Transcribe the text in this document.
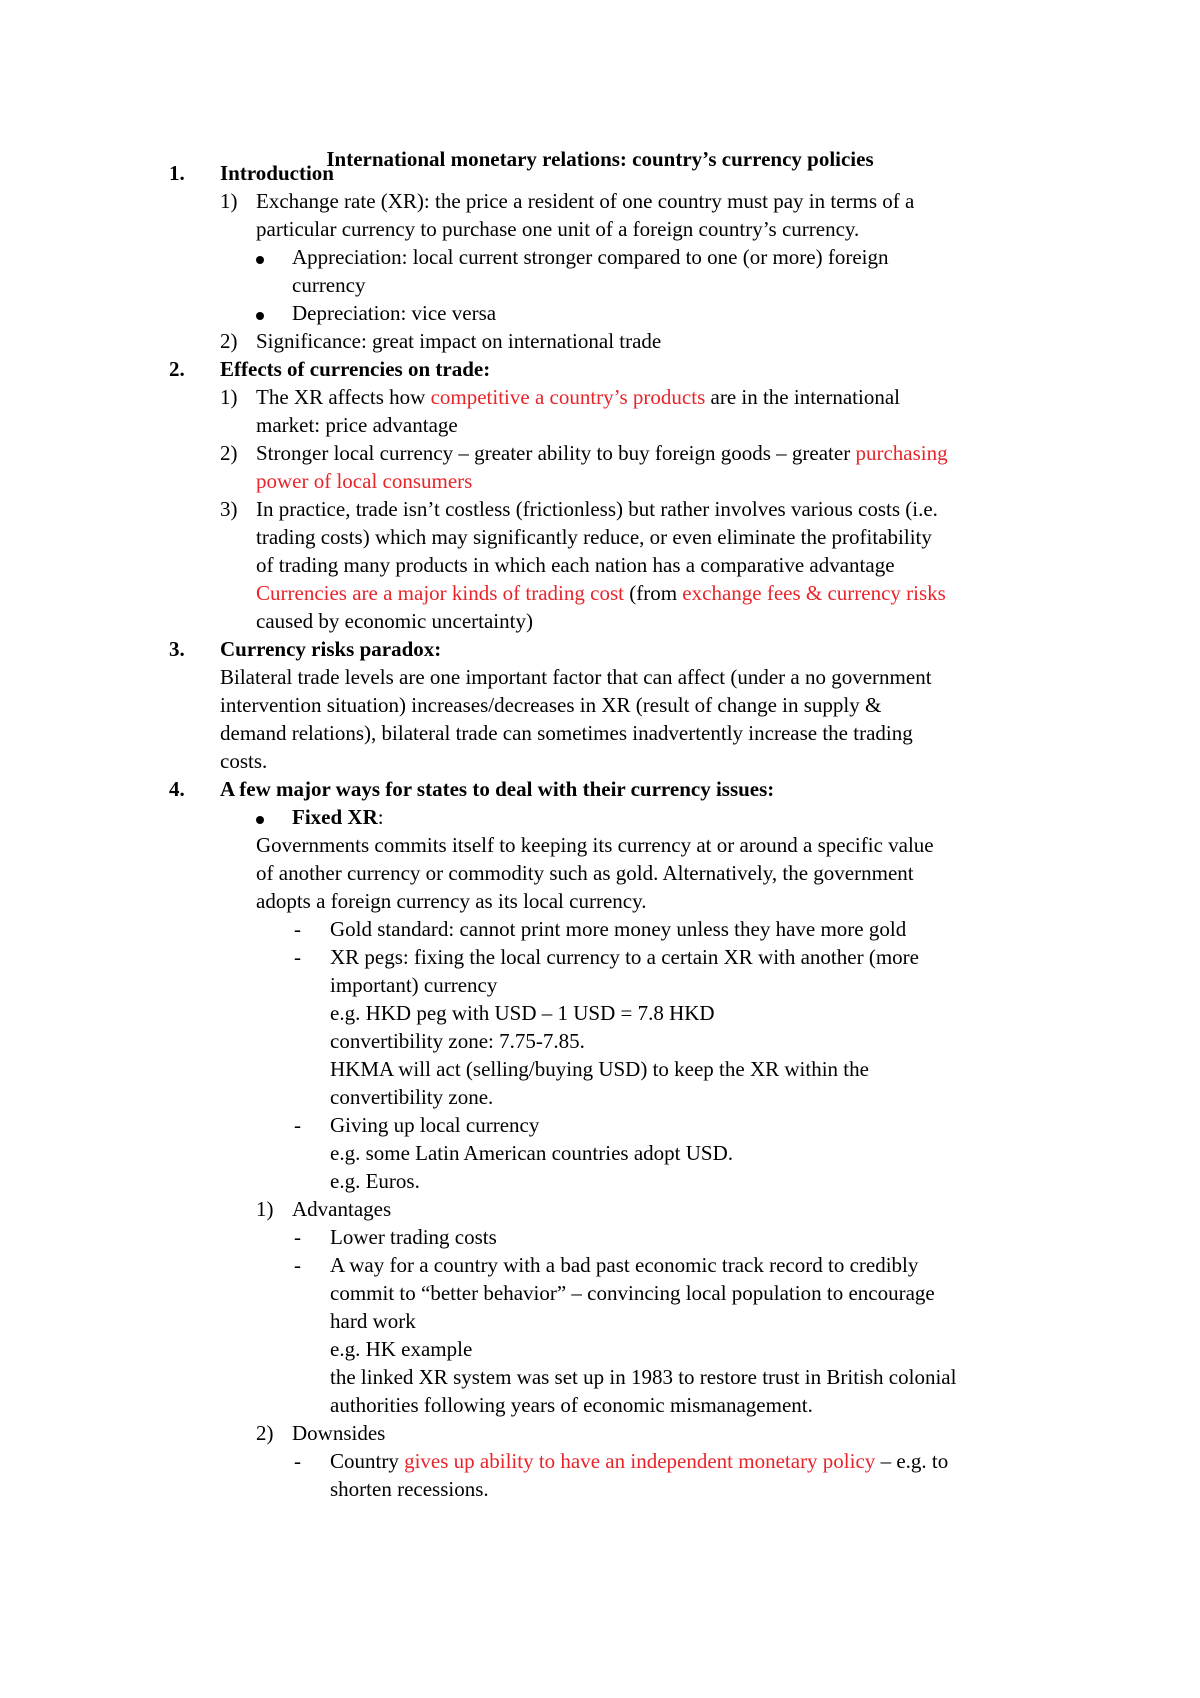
International monetary relations: country’s currency policies
1. Introduction
1) Exchange rate (XR): the price a resident of one country must pay in terms of a
particular currency to purchase one unit of a foreign country’s currency.
Appreciation: local current stronger compared to one (or more) foreign
currency
Depreciation: vice versa
2) Significance: great impact on international trade
2. Effects of currencies on trade:
1) The XR affects how competitive a country’s products are in the international
market: price advantage
2) Stronger local currency – greater ability to buy foreign goods – greater purchasing
power of local consumers
3) In practice, trade isn’t costless (frictionless) but rather involves various costs (i.e.
trading costs) which may significantly reduce, or even eliminate the profitability
of trading many products in which each nation has a comparative advantage
Currencies are a major kinds of trading cost (from exchange fees & currency risks
caused by economic uncertainty)
3. Currency risks paradox:
Bilateral trade levels are one important factor that can affect (under a no government
intervention situation) increases/decreases in XR (result of change in supply &
demand relations), bilateral trade can sometimes inadvertently increase the trading
costs.
4. A few major ways for states to deal with their currency issues:
Fixed XR:
Governments commits itself to keeping its currency at or around a specific value
of another currency or commodity such as gold. Alternatively, the government
adopts a foreign currency as its local currency.
- Gold standard: cannot print more money unless they have more gold
- XR pegs: fixing the local currency to a certain XR with another (more
important) currency
e.g. HKD peg with USD – 1 USD = 7.8 HKD
convertibility zone: 7.75-7.85.
HKMA will act (selling/buying USD) to keep the XR within the
convertibility zone.
- Giving up local currency
e.g. some Latin American countries adopt USD.
e.g. Euros.
1) Advantages
- Lower trading costs
- A way for a country with a bad past economic track record to credibly
commit to “better behavior” – convincing local population to encourage
hard work
e.g. HK example
the linked XR system was set up in 1983 to restore trust in British colonial
authorities following years of economic mismanagement.
2) Downsides
- Country gives up ability to have an independent monetary policy – e.g. to
shorten recessions.
